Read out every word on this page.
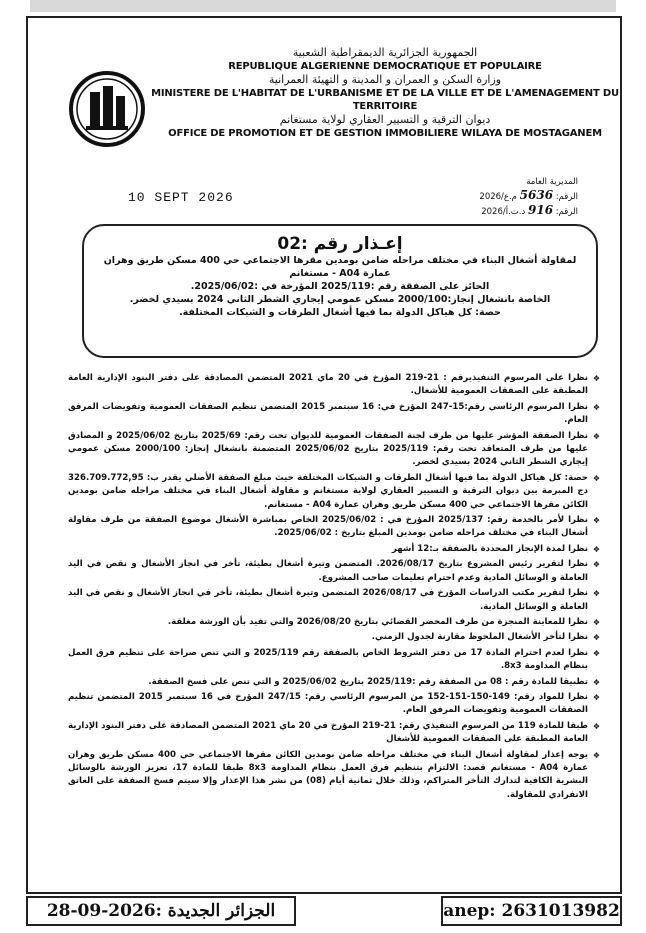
الجمهورية الجزائرية الديمقراطية الشعبية
REPUBLIQUE ALGERIENNE DEMOCRATIQUE ET POPULAIRE
وزارة السكن و العمران و المدينة و التهيئة العمرانية
MINISTERE DE L'HABITAT DE L'URBANISME ET DE LA VILLE ET DE L'AMENAGEMENT DU TERRITOIRE
ديوان الترقية و التسيير العقاري لولاية مستغانم
OFFICE DE PROMOTION ET DE GESTION IMMOBILIERE WILAYA DE MOSTAGANEM
المديرية العامة
الرقم: 5636 م.ع/2026
الرقم: 916 د.ت.أ/2026
10 SEPT 2026
إعـذار رقم :02
لمقاولة أشغال البناء في مختلف مراحله ضامن بومدين مقرها الاجتماعي حي 400 مسكن طريق وهران عمارة A04 - مستغانم
الحائز على الصفقة رقم :2025/119 المؤرخة في :2025/06/02.
الخاصة بانشغال إنجاز:2000/100 مسكن عمومي إيجاري الشطر الثاني 2024 بسيدي لخضر.
حصة: كل هياكل الدولة بما فيها أشغال الطرقات و الشبكات المختلفة.
❖ نظرا على المرسوم التنفيذيرقم : 21-219 المؤرخ في 20 ماي 2021 المتضمن المصادقة على دفتر البنود الإدارية العامة المطبقة على الصفقات العمومية للأشغال.
❖ نظرا المرسوم الرئاسي رقم:15-247 المؤرخ في: 16 سبتمبر 2015 المتضمن تنظيم الصفقات العمومية وتفويضات المرفق العام.
❖ نظرا الصفقة المؤشر عليها من طرف لجنة الصفقات العمومية للديوان تحت رقم: 2025/69 بتاريخ 2025/06/02 و المصادق عليها من طرف المتعاقد تحت رقم: 2025/119 بتاريخ 2025/06/02 المتضمنة بانشغال إنجاز: 2000/100 مسكن عمومي إيجاري الشطر الثاني 2024 بسيدي لخضر.
❖ حصة: كل هياكل الدولة بما فيها أشغال الطرقات و الشبكات المختلفة حيث مبلغ الصفقة الأصلي يقدر ب: 326.709.772,95 دج المبرمة بين ديوان الترقية و التسيير العقاري لولاية مستغانم و مقاولة أشغال البناء في مختلف مراحله ضامن بومدين الكائن مقرها الاجتماعي حي 400 مسكن طريق وهران عمارة A04 - مستغانم.
❖ نظرا لأمر بالخدمة رقم: 2025/137 المؤرخ في : 2025/06/02 الخاص بمباشرة الأشغال موضوع الصفقة من طرف مقاولة أشغال البناء في مختلف مراحله ضامن بومدين المبلغ بتاريخ : 2025/06/02.
❖ نظرا لمدة الإنجاز المحددة بالصفقة بـ:12 أشهر
❖ نظرا لتقرير رئيس المشروع بتاريخ 2026/08/17. المتضمن وتيرة أشغال بطيئة، تأخر في انجاز الأشغال و نقص في اليد العاملة و الوسائل المادية وعدم احترام تعليمات صاحب المشروع.
❖ نظرا لتقرير مكتب الدراسات المؤرخ في 2026/08/17 المتضمن وتيرة أشغال بطيئة، تأخر في انجاز الأشغال و نقص في اليد العاملة و الوسائل المادية.
❖ نظرا للمعاينة المنجزة من طرف المحضر القضائي بتاريخ 2026/08/20 والتي تفيد بأن الورشة مغلقة.
❖ نظرا لتأخر الأشغال الملحوظ مقارنة لجدول الزمني.
❖ نظرا لعدم احترام المادة 17 من دفتر الشروط الخاص بالصفقة رقم 2025/119 و التي تنص صراحة على تنظيم فرق العمل بنظام المداومة 8x3.
❖ تطبيقا للمادة رقم : 08 من الصفقة رقم :2025/119 بتاريخ 2025/06/02 و التي تنص على فسخ الصفقة.
❖ نظرا للمواد رقم: 149-150-151-152 من المرسوم الرئاسي رقم: 247/15 المؤرخ في 16 سبتمبر 2015 المتضمن تنظيم الصفقات العمومية وتفويضات المرفق العام.
❖ طبقا للمادة 119 من المرسوم التنفيذي رقم: 21-219 المؤرخ في 20 ماي 2021 المتضمن المصادقة على دفتر البنود الإدارية العامة المطبقة على الصفقات العمومية للأشغال
❖ يوجه إعذار لمقاولة أشغال البناء في مختلف مراحله ضامن بومدين الكائن مقرها الاجتماعي حي 400 مسكن طريق وهران عمارة A04 - مستغانم قصد: الالتزام بتنظيم فرق العمل بنظام المداومة 8x3 طبقا للمادة 17، تعزيز الورشة بالوسائل البشرية الكافية لتدارك التأخر المتراكم، وذلك خلال ثمانية أيام (08) من نشر هذا الإعذار وإلا سيتم فسخ الصفقة على العاتق الانفرادي للمقاولة.
الجزائر الجديدة :2026-09-28	anep: 2631013982
